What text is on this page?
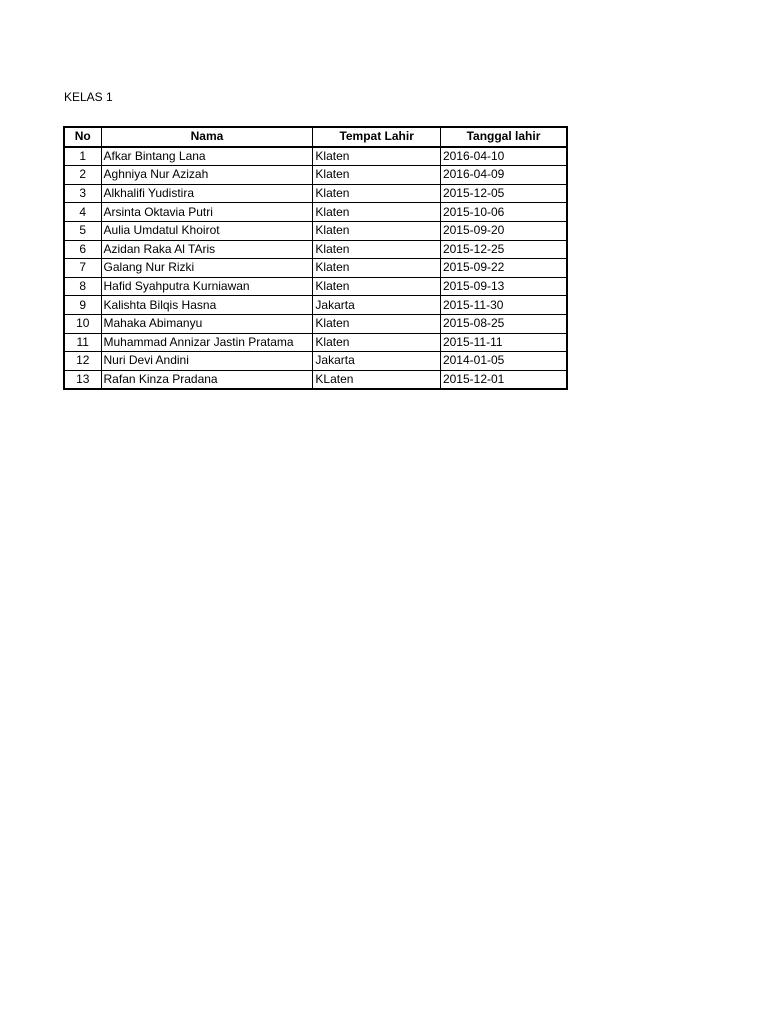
KELAS 1
No	Nama	Tempat Lahir	Tanggal lahir
1	Afkar Bintang Lana	Klaten	2016-04-10
2	Aghniya Nur Azizah	Klaten	2016-04-09
3	Alkhalifi Yudistira	Klaten	2015-12-05
4	Arsinta Oktavia Putri	Klaten	2015-10-06
5	Aulia Umdatul Khoirot	Klaten	2015-09-20
6	Azidan Raka Al TAris	Klaten	2015-12-25
7	Galang Nur Rizki	Klaten	2015-09-22
8	Hafid Syahputra Kurniawan	Klaten	2015-09-13
9	Kalishta Bilqis Hasna	Jakarta	2015-11-30
10	Mahaka Abimanyu	Klaten	2015-08-25
11	Muhammad Annizar Jastin Pratama	Klaten	2015-11-11
12	Nuri Devi Andini	Jakarta	2014-01-05
13	Rafan Kinza Pradana	KLaten	2015-12-01
